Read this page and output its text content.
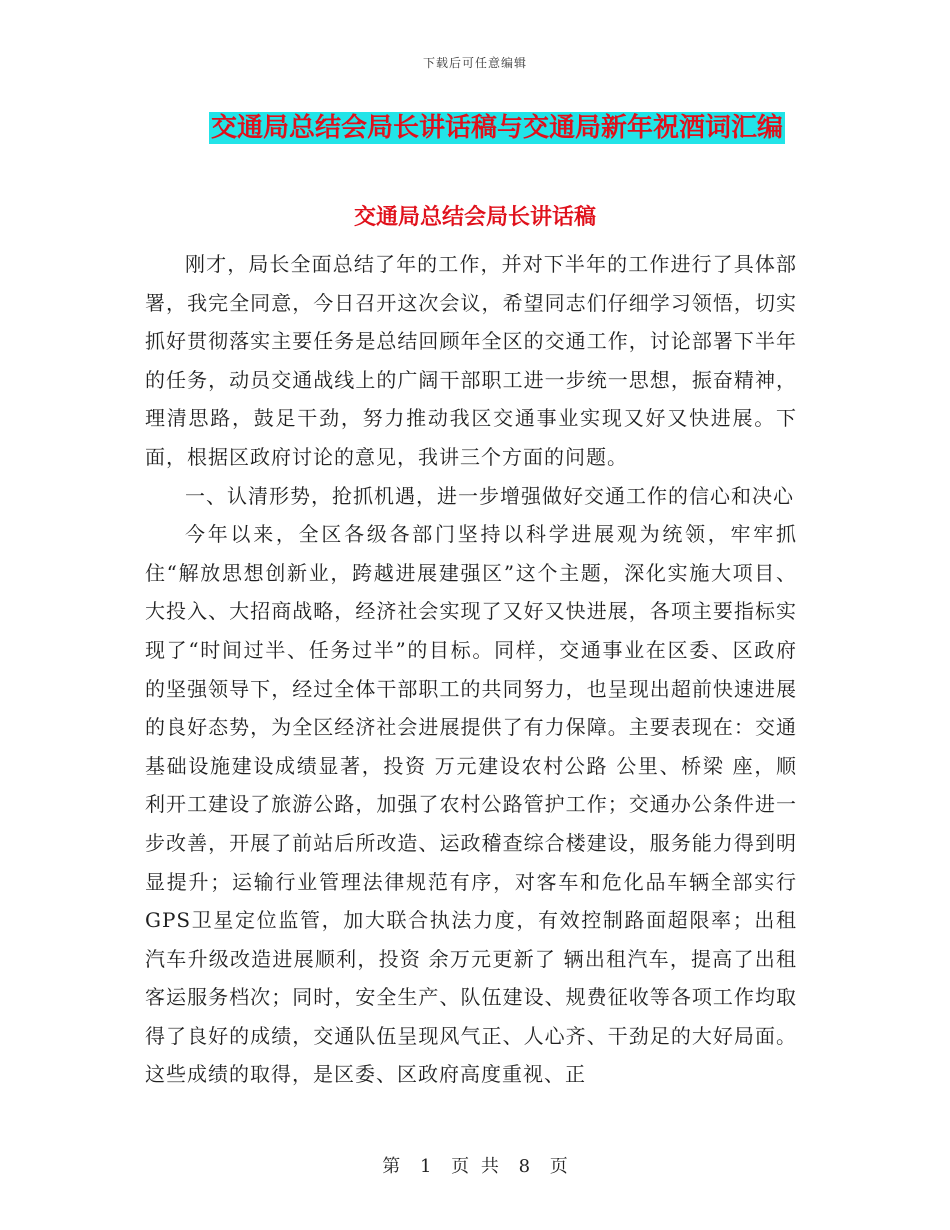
下载后可任意编辑
交通局总结会局长讲话稿与交通局新年祝酒词汇编
交通局总结会局长讲话稿

刚才，局长全面总结了年的工作，并对下半年的工作进行了具体部署，我完全同意，今日召开这次会议，希望同志们仔细学习领悟，切实抓好贯彻落实主要任务是总结回顾年全区的交通工作，讨论部署下半年的任务，动员交通战线上的广阔干部职工进一步统一思想，振奋精神，理清思路，鼓足干劲，努力推动我区交通事业实现又好又快进展。下面，根据区政府讨论的意见，我讲三个方面的问题。

一、认清形势，抢抓机遇，进一步增强做好交通工作的信心和决心

今年以来，全区各级各部门坚持以科学进展观为统领，牢牢抓住“解放思想创新业，跨越进展建强区”这个主题，深化实施大项目、大投入、大招商战略，经济社会实现了又好又快进展，各项主要指标实现了“时间过半、任务过半”的目标。同样，交通事业在区委、区政府的坚强领导下，经过全体干部职工的共同努力，也呈现出超前快速进展的良好态势，为全区经济社会进展提供了有力保障。主要表现在：交通基础设施建设成绩显著，投资 万元建设农村公路 公里、桥梁 座，顺利开工建设了旅游公路，加强了农村公路管护工作；交通办公条件进一步改善，开展了前站后所改造、运政稽查综合楼建设，服务能力得到明显提升；运输行业管理法律规范有序，对客车和危化品车辆全部实行GPS卫星定位监管，加大联合执法力度，有效控制路面超限率；出租汽车升级改造进展顺利，投资 余万元更新了 辆出租汽车，提高了出租客运服务档次；同时，安全生产、队伍建设、规费征收等各项工作均取得了良好的成绩，交通队伍呈现风气正、人心齐、干劲足的大好局面。这些成绩的取得，是区委、区政府高度重视、正

第 1 页 共 8 页
